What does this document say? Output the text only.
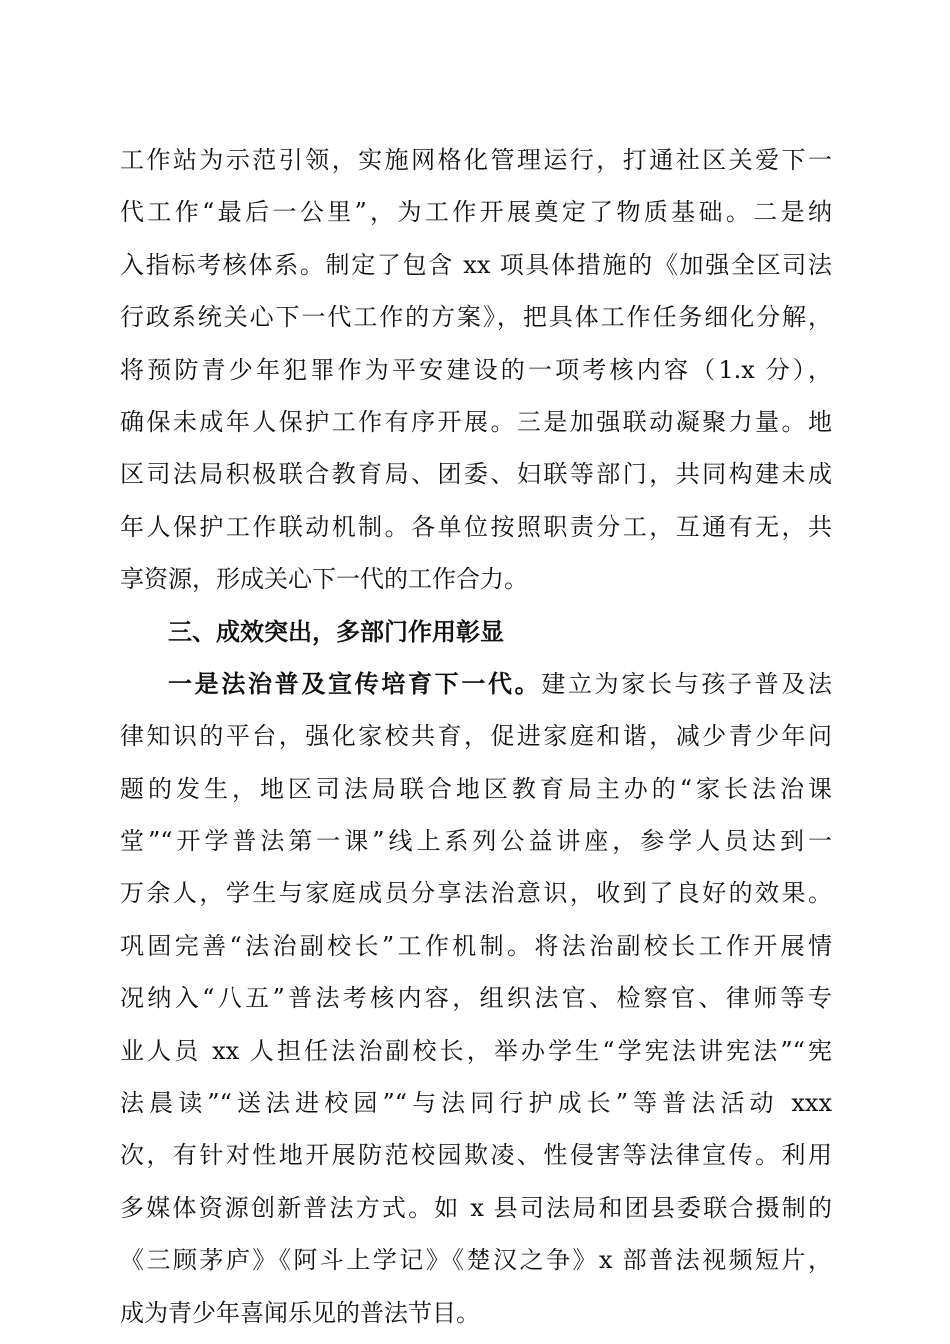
工作站为示范引领，实施网格化管理运行，打通社区关爱下一
代工作“最后一公里”，为工作开展奠定了物质基础。二是纳
入指标考核体系。制定了包含 xx 项具体措施的《加强全区司法
行政系统关心下一代工作的方案》，把具体工作任务细化分解，
将预防青少年犯罪作为平安建设的一项考核内容（1.x 分），
确保未成年人保护工作有序开展。三是加强联动凝聚力量。地
区司法局积极联合教育局、团委、妇联等部门，共同构建未成
年人保护工作联动机制。各单位按照职责分工，互通有无，共
享资源，形成关心下一代的工作合力。
三、成效突出，多部门作用彰显
一是法治普及宣传培育下一代。建立为家长与孩子普及法
律知识的平台，强化家校共育，促进家庭和谐，减少青少年问
题的发生，地区司法局联合地区教育局主办的“家长法治课
堂”“开学普法第一课”线上系列公益讲座，参学人员达到一
万余人，学生与家庭成员分享法治意识，收到了良好的效果。
巩固完善“法治副校长”工作机制。将法治副校长工作开展情
况纳入“八五”普法考核内容，组织法官、检察官、律师等专
业人员 xx 人担任法治副校长，举办学生“学宪法讲宪法”“宪
法晨读”“送法进校园”“与法同行护成长”等普法活动 xxx
次，有针对性地开展防范校园欺凌、性侵害等法律宣传。利用
多媒体资源创新普法方式。如 x 县司法局和团县委联合摄制的
《三顾茅庐》《阿斗上学记》《楚汉之争》x 部普法视频短片，
成为青少年喜闻乐见的普法节目。
